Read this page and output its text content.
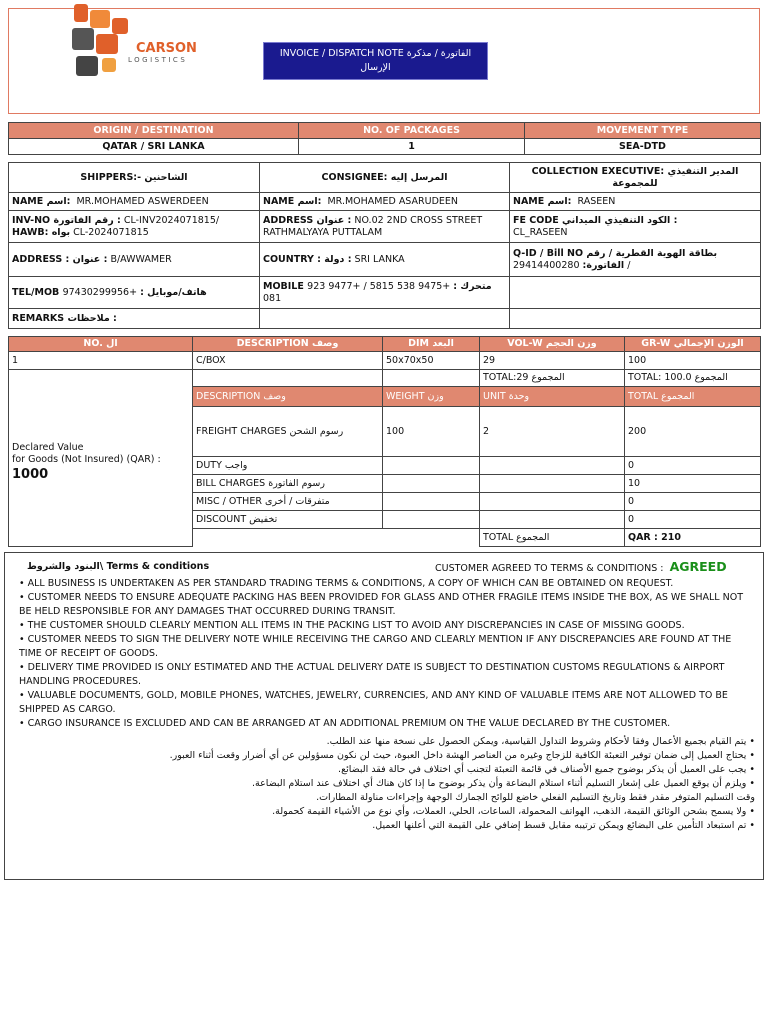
CARSON
LOGISTICS
INVOICE / DISPATCH NOTE الفاتورة / مذكرة الإرسال
ORIGIN / DESTINATION	NO. OF PACKAGES	MOVEMENT TYPE
QATAR / SRI LANKA	1	SEA-DTD
SHIPPERS:- الشاحنين	CONSIGNEE: المرسل إليه	COLLECTION EXECUTIVE: المدير التنفيذي للمجموعة
NAME اسم: MR.MOHAMED ASWERDEEN	NAME اسم: MR.MOHAMED ASARUDEEN	NAME اسم: RASEEN
INV-NO رقم الفاتورة : CL-INV2024071815/
HAWB: بواه CL-2024071815	ADDRESS عنوان : NO.02 2ND CROSS STREET RATHMALYAYA PUTTALAM	FE CODE الكود التنفيذي الميداني :
CL_RASEEN
ADDRESS : عنوان : B/AWWAMER	COUNTRY : دولة : SRI LANKA	Q-ID / Bill NO بطاقة الهوية القطرية / رقم الفاتورة: 29414400280 /
TEL/MOB هاتف/موبايل : +97430299956	MOBILE متحرك : +9475 538 5815 / +9477 923 081	
REMARKS ملاحظات :		
NO. ال	DESCRIPTION وصف	DIM البعد	VOL-W وزن الحجم	GR-W الوزن الإجمالي
1	C/BOX	50x70x50	29	100

Declared Value
for Goods (Not Insured) (QAR) :
1000			TOTAL:المجموع 29	TOTAL: المجموع 100.0
	DESCRIPTION وصف	WEIGHT وزن	UNIT وحدة	TOTAL المجموع
	FREIGHT CHARGES رسوم الشحن	100	2	200
	DUTY واجب			0
	BILL CHARGES رسوم الفاتورة			10
	MISC / OTHER متفرقات / أخرى			0
	DISCOUNT تخفيض			0
			TOTAL المجموع	QAR : 210
البنود والشروط\ Terms & conditions	CUSTOMER AGREED TO TERMS & CONDITIONS : AGREED

• ALL BUSINESS IS UNDERTAKEN AS PER STANDARD TRADING TERMS & CONDITIONS, A COPY OF WHICH CAN BE OBTAINED ON REQUEST.

• CUSTOMER NEEDS TO ENSURE ADEQUATE PACKING HAS BEEN PROVIDED FOR GLASS AND OTHER FRAGILE ITEMS INSIDE THE BOX, AS WE SHALL NOT BE HELD RESPONSIBLE FOR ANY DAMAGES THAT OCCURRED DURING TRANSIT.

• THE CUSTOMER SHOULD CLEARLY MENTION ALL ITEMS IN THE PACKING LIST TO AVOID ANY DISCREPANCIES IN CASE OF MISSING GOODS.

• CUSTOMER NEEDS TO SIGN THE DELIVERY NOTE WHILE RECEIVING THE CARGO AND CLEARLY MENTION IF ANY DISCREPANCIES ARE FOUND AT THE TIME OF RECEIPT OF GOODS.

• DELIVERY TIME PROVIDED IS ONLY ESTIMATED AND THE ACTUAL DELIVERY DATE IS SUBJECT TO DESTINATION CUSTOMS REGULATIONS & AIRPORT HANDLING PROCEDURES.

• VALUABLE DOCUMENTS, GOLD, MOBILE PHONES, WATCHES, JEWELRY, CURRENCIES, AND ANY KIND OF VALUABLE ITEMS ARE NOT ALLOWED TO BE SHIPPED AS CARGO.

• CARGO INSURANCE IS EXCLUDED AND CAN BE ARRANGED AT AN ADDITIONAL PREMIUM ON THE VALUE DECLARED BY THE CUSTOMER.

• يتم القيام بجميع الأعمال وفقا لأحكام وشروط التداول القياسية، ويمكن الحصول على نسخة منها عند الطلب.

• يحتاج العميل إلى ضمان توفير التعبئة الكافية للزجاج وغيره من العناصر الهشة داخل العبوة، حيث لن نكون مسؤولين عن أي أضرار وقعت أثناء العبور.

• يجب على العميل أن يذكر بوضوح جميع الأصناف في قائمة التعبئة لتجنب أي اختلاف في حالة فقد البضائع.

• ويلزم أن يوقع العميل على إشعار التسليم أثناء استلام البضاعة وأن يذكر بوضوح ما إذا كان هناك أي اختلاف عند استلام البضاعة.

وقت التسليم المتوفر مقدر فقط وتاريخ التسليم الفعلي خاضع للوائح الجمارك الوجهة وإجراءات مناولة المطارات.

• ولا يسمح بشحن الوثائق القيمة، الذهب، الهواتف المحمولة، الساعات، الحلي، العملات، وأي نوع من الأشياء القيمة كحمولة.

• تم استبعاد التأمين على البضائع ويمكن ترتيبه مقابل قسط إضافي على القيمة التي أعلنها العميل.
